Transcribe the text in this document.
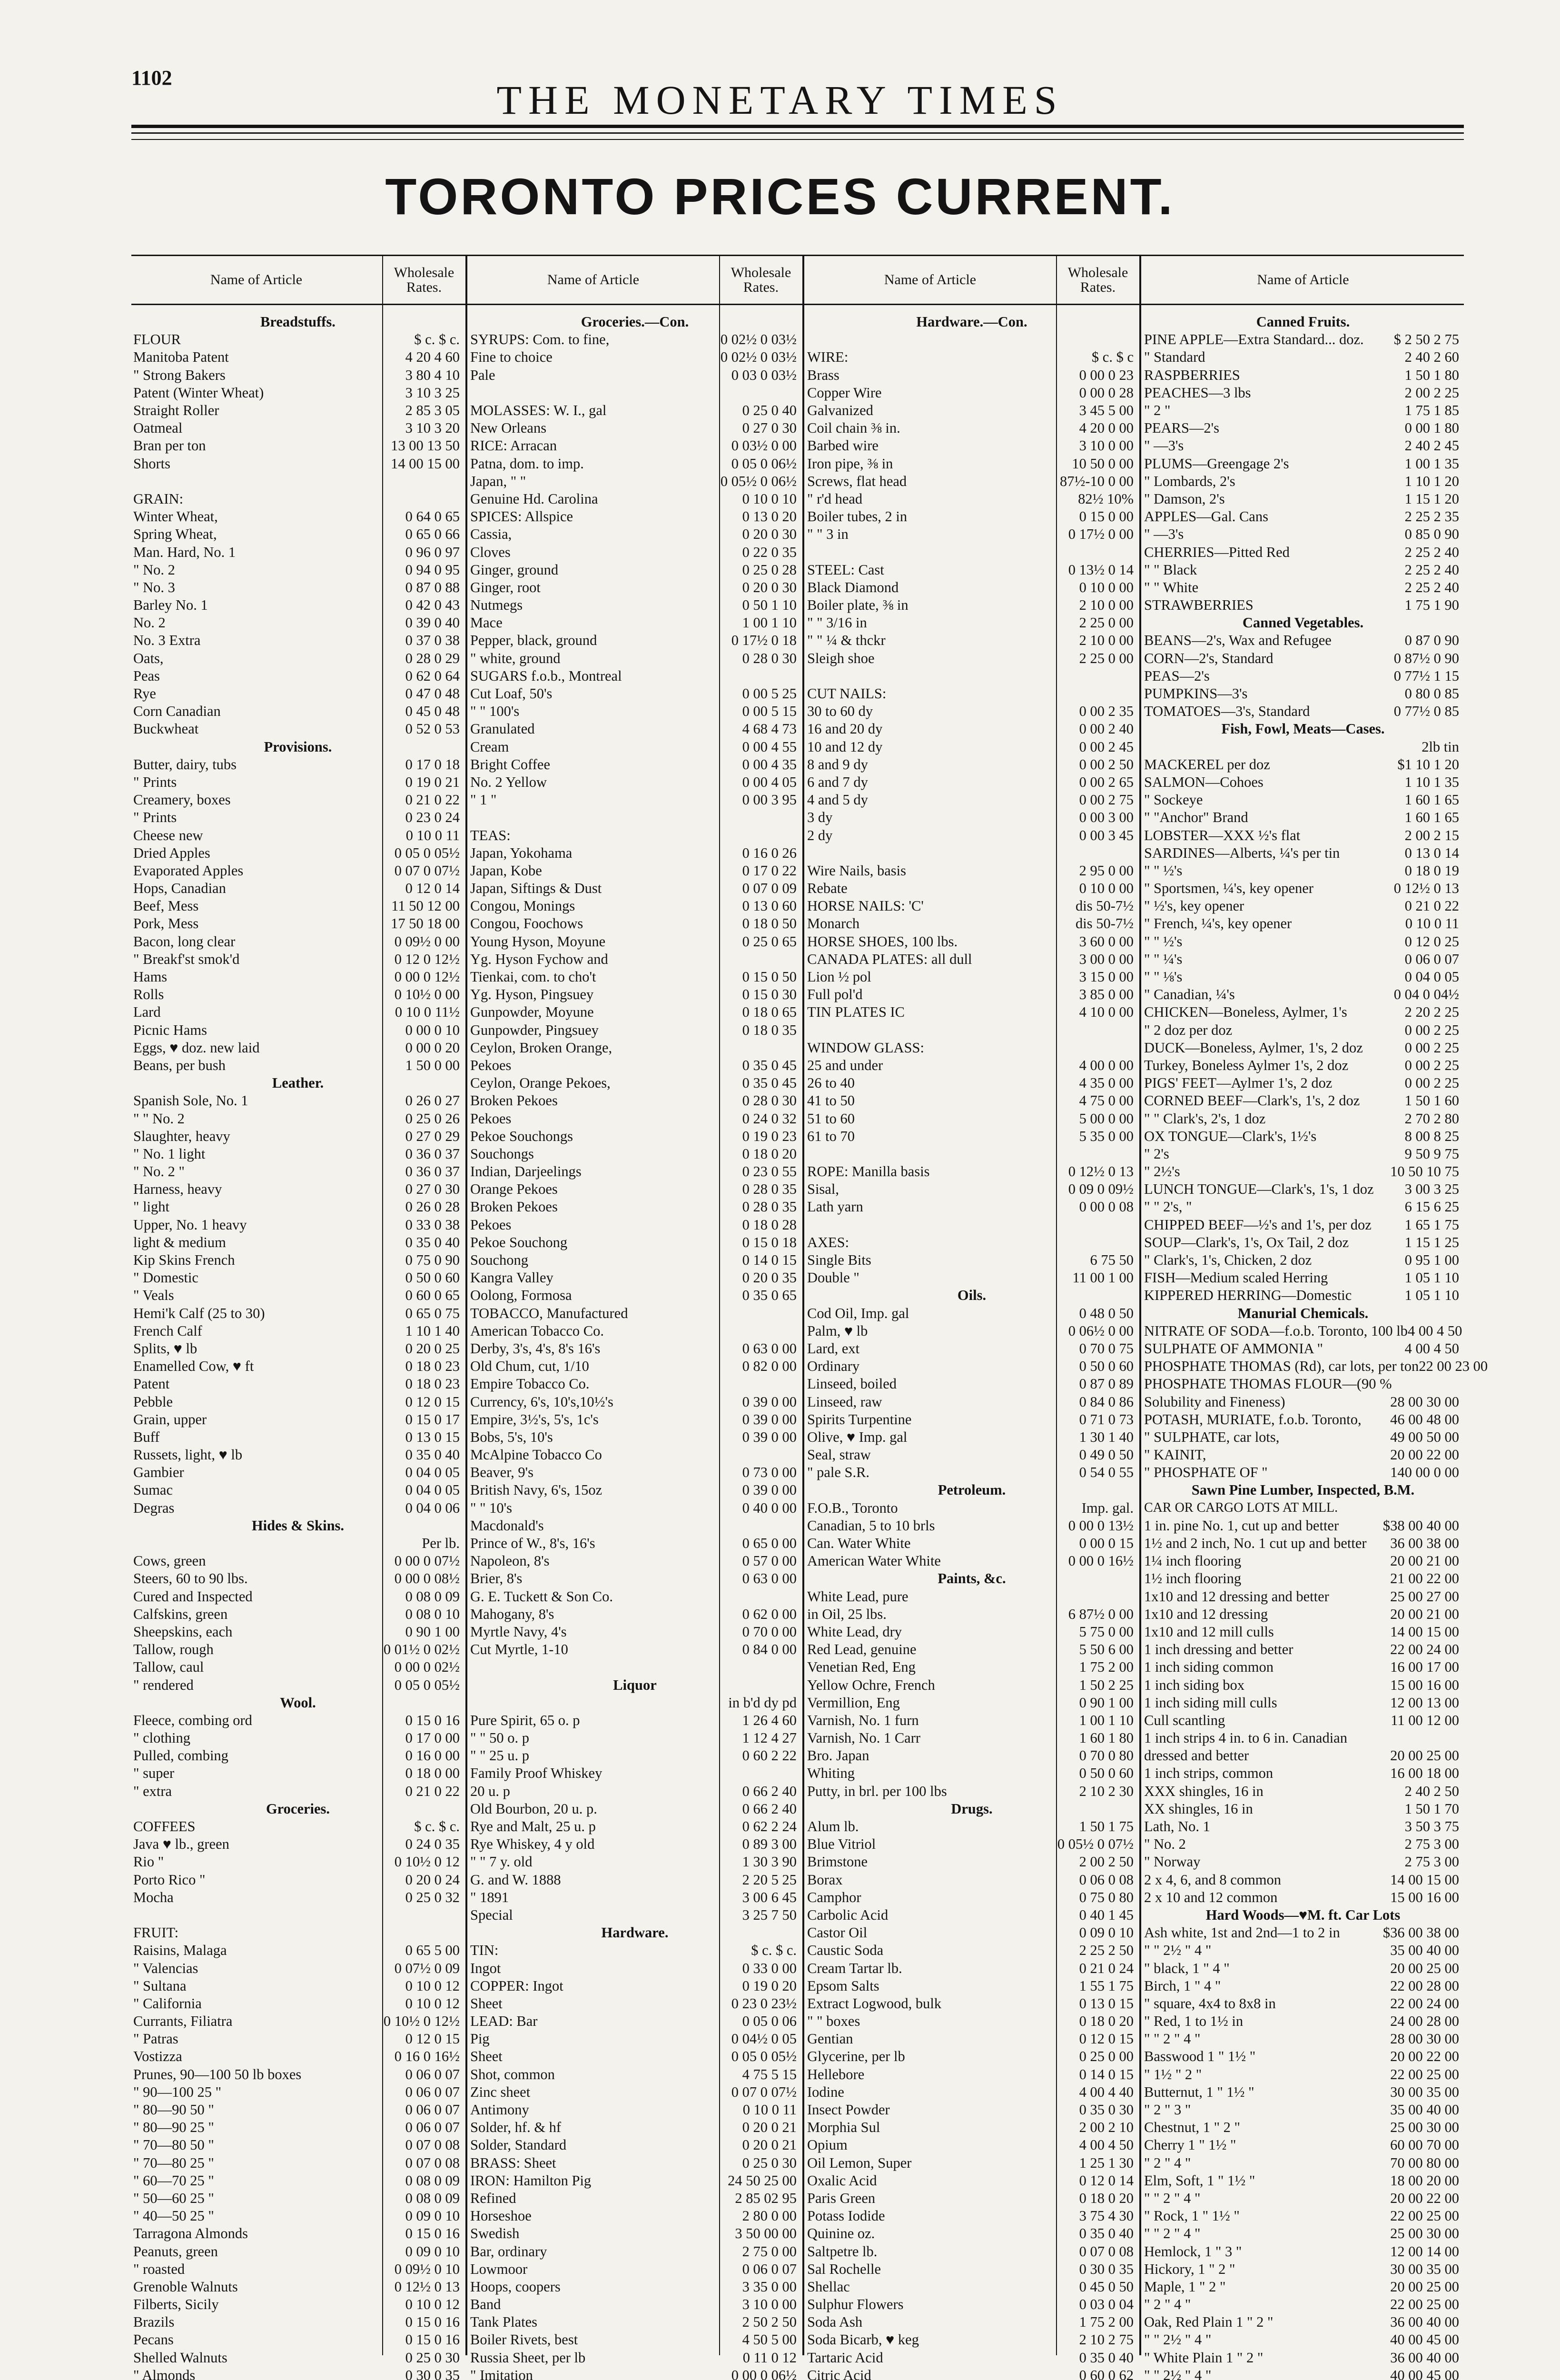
1102	THE MONETARY TIMES
TORONTO PRICES CURRENT.
Name of Article	Wholesale Rates.
Breadstuffs.
FLOUR	$ c. $ c.
Manitoba Patent	4 20 4 60
" Strong Bakers	3 80 4 10
Patent (Winter Wheat)	3 10 3 25
Straight Roller	2 85 3 05
Oatmeal	3 10 3 20
Bran per ton	13 00 13 50
Shorts	14 00 15 00
GRAIN:
Winter Wheat,	0 64 0 65
Spring Wheat,	0 65 0 66
Man. Hard, No. 1	0 96 0 97
" No. 2	0 94 0 95
" No. 3	0 87 0 88
Barley No. 1	0 42 0 43
No. 2	0 39 0 40
No. 3 Extra	0 37 0 38
Oats,	0 28 0 29
Peas	0 62 0 64
Rye	0 47 0 48
Corn Canadian	0 45 0 48
Buckwheat	0 52 0 53
Provisions.
Butter, dairy, tubs	0 17 0 18
" Prints	0 19 0 21
Creamery, boxes	0 21 0 22
" Prints	0 23 0 24
Cheese new	0 10 0 11
Dried Apples	0 05 0 05½
Evaporated Apples	0 07 0 07½
Hops, Canadian	0 12 0 14
Beef, Mess	11 50 12 00
Pork, Mess	17 50 18 00
Bacon, long clear	0 09½ 0 00
" Breakf'st smok'd	0 12 0 12½
Hams	0 00 0 12½
Rolls	0 10½ 0 00
Lard	0 10 0 11½
Picnic Hams	0 00 0 10
Eggs, ♥ doz. new laid	0 00 0 20
Beans, per bush	1 50 0 00
Leather.
Spanish Sole, No. 1	0 26 0 27
" " No. 2	0 25 0 26
Slaughter, heavy	0 27 0 29
" No. 1 light	0 36 0 37
" No. 2 "	0 36 0 37
Harness, heavy	0 27 0 30
" light	0 26 0 28
Upper, No. 1 heavy	0 33 0 38
light & medium	0 35 0 40
Kip Skins French	0 75 0 90
" Domestic	0 50 0 60
" Veals	0 60 0 65
Hemi'k Calf (25 to 30)	0 65 0 75
French Calf	1 10 1 40
Splits, ♥ lb	0 20 0 25
Enamelled Cow, ♥ ft	0 18 0 23
Patent	0 18 0 23
Pebble	0 12 0 15
Grain, upper	0 15 0 17
Buff	0 13 0 15
Russets, light, ♥ lb	0 35 0 40
Gambier	0 04 0 05
Sumac	0 04 0 05
Degras	0 04 0 06
Hides & Skins.
Per lb.
Cows, green	0 00 0 07½
Steers, 60 to 90 lbs.	0 00 0 08½
Cured and Inspected	0 08 0 09
Calfskins, green	0 08 0 10
Sheepskins, each	0 90 1 00
Tallow, rough	0 01½ 0 02½
Tallow, caul	0 00 0 02½
" rendered	0 05 0 05½
Wool.
Fleece, combing ord	0 15 0 16
" clothing	0 17 0 00
Pulled, combing	0 16 0 00
" super	0 18 0 00
" extra	0 21 0 22
Groceries.
COFFEES	$ c. $ c.
Java ♥ lb., green	0 24 0 35
Rio "	0 10½ 0 12
Porto Rico "	0 20 0 24
Mocha	0 25 0 32
FRUIT:
Raisins, Malaga	0 65 5 00
" Valencias	0 07½ 0 09
" Sultana	0 10 0 12
" California	0 10 0 12
Currants, Filiatra	0 10½ 0 12½
" Patras	0 12 0 15
Vostizza	0 16 0 16½
Prunes, 90—100 50 lb boxes	0 06 0 07
" 90—100 25 "	0 06 0 07
" 80—90 50 "	0 06 0 07
" 80—90 25 "	0 06 0 07
" 70—80 50 "	0 07 0 08
" 70—80 25 "	0 07 0 08
" 60—70 25 "	0 08 0 09
" 50—60 25 "	0 08 0 09
" 40—50 25 "	0 09 0 10
Tarragona Almonds	0 15 0 16
Peanuts, green	0 09 0 10
" roasted	0 09½ 0 10
Grenoble Walnuts	0 12½ 0 13
Filberts, Sicily	0 10 0 12
Brazils	0 15 0 16
Pecans	0 15 0 16
Shelled Walnuts	0 25 0 30
" Almonds	0 30 0 35
Name of Article	Wholesale Rates.
Groceries.—Con.
SYRUPS: Com. to fine,	0 02½ 0 03½
Fine to choice	0 02½ 0 03½
Pale	0 03 0 03½
MOLASSES: W. I., gal	0 25 0 40
New Orleans	0 27 0 30
RICE: Arracan	0 03½ 0 00
Patna, dom. to imp.	0 05 0 06½
Japan, " "	0 05½ 0 06½
Genuine Hd. Carolina	0 10 0 10
SPICES: Allspice	0 13 0 20
Cassia,	0 20 0 30
Cloves	0 22 0 35
Ginger, ground	0 25 0 28
Ginger, root	0 20 0 30
Nutmegs	0 50 1 10
Mace	1 00 1 10
Pepper, black, ground	0 17½ 0 18
" white, ground	0 28 0 30
SUGARS f.o.b., Montreal
Cut Loaf, 50's	0 00 5 25
" " 100's	0 00 5 15
Granulated	4 68 4 73
Cream	0 00 4 55
Bright Coffee	0 00 4 35
No. 2 Yellow	0 00 4 05
" 1 "	0 00 3 95
TEAS:
Japan, Yokohama	0 16 0 26
Japan, Kobe	0 17 0 22
Japan, Siftings & Dust	0 07 0 09
Congou, Monings	0 13 0 60
Congou, Foochows	0 18 0 50
Young Hyson, Moyune	0 25 0 65
Yg. Hyson Fychow and
Tienkai, com. to cho't	0 15 0 50
Yg. Hyson, Pingsuey	0 15 0 30
Gunpowder, Moyune	0 18 0 65
Gunpowder, Pingsuey	0 18 0 35
Ceylon, Broken Orange,
Pekoes	0 35 0 45
Ceylon, Orange Pekoes,	0 35 0 45
Broken Pekoes	0 28 0 30
Pekoes	0 24 0 32
Pekoe Souchongs	0 19 0 23
Souchongs	0 18 0 20
Indian, Darjeelings	0 23 0 55
Orange Pekoes	0 28 0 35
Broken Pekoes	0 28 0 35
Pekoes	0 18 0 28
Pekoe Souchong	0 15 0 18
Souchong	0 14 0 15
Kangra Valley	0 20 0 35
Oolong, Formosa	0 35 0 65
TOBACCO, Manufactured
American Tobacco Co.
Derby, 3's, 4's, 8's 16's	0 63 0 00
Old Chum, cut, 1/10	0 82 0 00
Empire Tobacco Co.
Currency, 6's, 10's,10½'s	0 39 0 00
Empire, 3½'s, 5's, 1c's	0 39 0 00
Bobs, 5's, 10's	0 39 0 00
McAlpine Tobacco Co
Beaver, 9's	0 73 0 00
British Navy, 6's, 15oz	0 39 0 00
" " 10's	0 40 0 00
Macdonald's
Prince of W., 8's, 16's	0 65 0 00
Napoleon, 8's	0 57 0 00
Brier, 8's	0 63 0 00
G. E. Tuckett & Son Co.
Mahogany, 8's	0 62 0 00
Myrtle Navy, 4's	0 70 0 00
Cut Myrtle, 1-10	0 84 0 00
Liquor
in b'd dy pd
Pure Spirit, 65 o. p	1 26 4 60
" " 50 o. p	1 12 4 27
" " 25 u. p	0 60 2 22
Family Proof Whiskey
20 u. p	0 66 2 40
Old Bourbon, 20 u. p.	0 66 2 40
Rye and Malt, 25 u. p	0 62 2 24
Rye Whiskey, 4 y old	0 89 3 00
" " 7 y. old	1 30 3 90
G. and W. 1888	2 20 5 25
" 1891	3 00 6 45
Special	3 25 7 50
Hardware.
TIN:	$ c. $ c.
Ingot	0 33 0 00
COPPER: Ingot	0 19 0 20
Sheet	0 23 0 23½
LEAD: Bar	0 05 0 06
Pig	0 04½ 0 05
Sheet	0 05 0 05½
Shot, common	4 75 5 15
Zinc sheet	0 07 0 07½
Antimony	0 10 0 11
Solder, hf. & hf	0 20 0 21
Solder, Standard	0 20 0 21
BRASS: Sheet	0 25 0 30
IRON: Hamilton Pig	24 50 25 00
Refined	2 85 02 95
Horseshoe	2 80 0 00
Swedish	3 50 00 00
Bar, ordinary	2 75 0 00
Lowmoor	0 06 0 07
Hoops, coopers	3 35 0 00
Band	3 10 0 00
Tank Plates	2 50 2 50
Boiler Rivets, best	4 50 5 00
Russia Sheet, per lb	0 11 0 12
" Imitation	0 00 0 06½
Name of Article	Wholesale Rates.
Hardware.—Con.
WIRE:	$ c. $ c
Brass	0 00 0 23
Copper Wire	0 00 0 28
Galvanized	3 45 5 00
Coil chain ⅜ in.	4 20 0 00
Barbed wire	3 10 0 00
Iron pipe, ⅜ in	10 50 0 00
Screws, flat head	87½-10 0 00
" r'd head	82½ 10%
Boiler tubes, 2 in	0 15 0 00
" " 3 in	0 17½ 0 00
STEEL: Cast	0 13½ 0 14
Black Diamond	0 10 0 00
Boiler plate, ⅜ in	2 10 0 00
" " 3/16 in	2 25 0 00
" " ¼ & thckr	2 10 0 00
Sleigh shoe	2 25 0 00
CUT NAILS:
30 to 60 dy	0 00 2 35
16 and 20 dy	0 00 2 40
10 and 12 dy	0 00 2 45
8 and 9 dy	0 00 2 50
6 and 7 dy	0 00 2 65
4 and 5 dy	0 00 2 75
3 dy	0 00 3 00
2 dy	0 00 3 45
Wire Nails, basis	2 95 0 00
Rebate	0 10 0 00
HORSE NAILS: 'C'	dis 50-7½
Monarch	dis 50-7½
HORSE SHOES, 100 lbs.	3 60 0 00
CANADA PLATES: all dull	3 00 0 00
Lion ½ pol	3 15 0 00
Full pol'd	3 85 0 00
TIN PLATES IC	4 10 0 00
WINDOW GLASS:
25 and under	4 00 0 00
26 to 40	4 35 0 00
41 to 50	4 75 0 00
51 to 60	5 00 0 00
61 to 70	5 35 0 00
ROPE: Manilla basis	0 12½ 0 13
Sisal,	0 09 0 09½
Lath yarn	0 00 0 08
AXES:
Single Bits	6 75 50
Double "	11 00 1 00
Oils.
Cod Oil, Imp. gal	0 48 0 50
Palm, ♥ lb	0 06½ 0 00
Lard, ext	0 70 0 75
Ordinary	0 50 0 60
Linseed, boiled	0 87 0 89
Linseed, raw	0 84 0 86
Spirits Turpentine	0 71 0 73
Olive, ♥ Imp. gal	1 30 1 40
Seal, straw	0 49 0 50
" pale S.R.	0 54 0 55
Petroleum.
F.O.B., Toronto	Imp. gal.
Canadian, 5 to 10 brls	0 00 0 13½
Can. Water White	0 00 0 15
American Water White	0 00 0 16½
Paints, &c.
White Lead, pure
in Oil, 25 lbs.	6 87½ 0 00
White Lead, dry	5 75 0 00
Red Lead, genuine	5 50 6 00
Venetian Red, Eng	1 75 2 00
Yellow Ochre, French	1 50 2 25
Vermillion, Eng	0 90 1 00
Varnish, No. 1 furn	1 00 1 10
Varnish, No. 1 Carr	1 60 1 80
Bro. Japan	0 70 0 80
Whiting	0 50 0 60
Putty, in brl. per 100 lbs	2 10 2 30
Drugs.
Alum lb.	1 50 1 75
Blue Vitriol	0 05½ 0 07½
Brimstone	2 00 2 50
Borax	0 06 0 08
Camphor	0 75 0 80
Carbolic Acid	0 40 1 45
Castor Oil	0 09 0 10
Caustic Soda	2 25 2 50
Cream Tartar lb.	0 21 0 24
Epsom Salts	1 55 1 75
Extract Logwood, bulk	0 13 0 15
" " boxes	0 18 0 20
Gentian	0 12 0 15
Glycerine, per lb	0 25 0 00
Hellebore	0 14 0 15
Iodine	4 00 4 40
Insect Powder	0 35 0 30
Morphia Sul	2 00 2 10
Opium	4 00 4 50
Oil Lemon, Super	1 25 1 30
Oxalic Acid	0 12 0 14
Paris Green	0 18 0 20
Potass Iodide	3 75 4 30
Quinine oz.	0 35 0 40
Saltpetre lb.	0 07 0 08
Sal Rochelle	0 30 0 35
Shellac	0 45 0 50
Sulphur Flowers	0 03 0 04
Soda Ash	1 75 2 00
Soda Bicarb, ♥ keg	2 10 2 75
Tartaric Acid	0 35 0 40
Citric Acid	0 60 0 62
Name of Article
Canned Fruits.
PINE APPLE—Extra Standard... doz.	$ 2 50 2 75
" Standard	2 40 2 60
RASPBERRIES	1 50 1 80
PEACHES—3 lbs	2 00 2 25
" 2 "	1 75 1 85
PEARS—2's	0 00 1 80
" —3's	2 40 2 45
PLUMS—Greengage 2's	1 00 1 35
" Lombards, 2's	1 10 1 20
" Damson, 2's	1 15 1 20
APPLES—Gal. Cans	2 25 2 35
" —3's	0 85 0 90
CHERRIES—Pitted Red	2 25 2 40
" " Black	2 25 2 40
" " White	2 25 2 40
STRAWBERRIES	1 75 1 90
Canned Vegetables.
BEANS—2's, Wax and Refugee	0 87 0 90
CORN—2's, Standard	0 87½ 0 90
PEAS—2's	0 77½ 1 15
PUMPKINS—3's	0 80 0 85
TOMATOES—3's, Standard	0 77½ 0 85
Fish, Fowl, Meats—Cases.
2lb tin
MACKEREL per doz	$1 10 1 20
SALMON—Cohoes	1 10 1 35
" Sockeye	1 60 1 65
" "Anchor" Brand	1 60 1 65
LOBSTER—XXX ½'s flat	2 00 2 15
SARDINES—Alberts, ¼'s per tin	0 13 0 14
" " ½'s	0 18 0 19
" Sportsmen, ¼'s, key opener	0 12½ 0 13
" ½'s, key opener	0 21 0 22
" French, ¼'s, key opener	0 10 0 11
" " ½'s	0 12 0 25
" " ¼'s	0 06 0 07
" " ⅛'s	0 04 0 05
" Canadian, ¼'s	0 04 0 04½
CHICKEN—Boneless, Aylmer, 1's	2 20 2 25
" 2 doz per doz	0 00 2 25
DUCK—Boneless, Aylmer, 1's, 2 doz	0 00 2 25
Turkey, Boneless Aylmer 1's, 2 doz	0 00 2 25
PIGS' FEET—Aylmer 1's, 2 doz	0 00 2 25
CORNED BEEF—Clark's, 1's, 2 doz	1 50 1 60
" " Clark's, 2's, 1 doz	2 70 2 80
OX TONGUE—Clark's, 1½'s	8 00 8 25
" 2's	9 50 9 75
" 2½'s	10 50 10 75
LUNCH TONGUE—Clark's, 1's, 1 doz	3 00 3 25
" " 2's, "	6 15 6 25
CHIPPED BEEF—½'s and 1's, per doz	1 65 1 75
SOUP—Clark's, 1's, Ox Tail, 2 doz	1 15 1 25
" Clark's, 1's, Chicken, 2 doz	0 95 1 00
FISH—Medium scaled Herring	1 05 1 10
KIPPERED HERRING—Domestic	1 05 1 10
Manurial Chemicals.
NITRATE OF SODA—f.o.b. Toronto, 100 lb 4 00 4 50
SULPHATE OF AMMONIA "	4 00 4 50
PHOSPHATE THOMAS (Rd), car lots, per ton 22 00 23 00
PHOSPHATE THOMAS FLOUR—(90 %
Solubility and Fineness)	28 00 30 00
POTASH, MURIATE, f.o.b. Toronto,	46 00 48 00
" SULPHATE, car lots,	49 00 50 00
" KAINIT,	20 00 22 00
" PHOSPHATE OF "	140 00 0 00
Sawn Pine Lumber, Inspected, B.M.
CAR OR CARGO LOTS AT MILL.
1 in. pine No. 1, cut up and better	$38 00 40 00
1½ and 2 inch, No. 1 cut up and better	36 00 38 00
1¼ inch flooring	20 00 21 00
1½ inch flooring	21 00 22 00
1x10 and 12 dressing and better	25 00 27 00
1x10 and 12 dressing	20 00 21 00
1x10 and 12 mill culls	14 00 15 00
1 inch dressing and better	22 00 24 00
1 inch siding common	16 00 17 00
1 inch siding box	15 00 16 00
1 inch siding mill culls	12 00 13 00
Cull scantling	11 00 12 00
1 inch strips 4 in. to 6 in. Canadian
dressed and better	20 00 25 00
1 inch strips, common	16 00 18 00
XXX shingles, 16 in	2 40 2 50
XX shingles, 16 in	1 50 1 70
Lath, No. 1	3 50 3 75
" No. 2	2 75 3 00
" Norway	2 75 3 00
2 x 4, 6, and 8 common	14 00 15 00
2 x 10 and 12 common	15 00 16 00
Hard Woods—♥M. ft. Car Lots
Ash white, 1st and 2nd—1 to 2 in	$36 00 38 00
" " 2½ " 4 "	35 00 40 00
" black, 1 " 4 "	20 00 25 00
Birch, 1 " 4 "	22 00 28 00
" square, 4x4 to 8x8 in	22 00 24 00
" Red, 1 to 1½ in	24 00 28 00
" " 2 " 4 "	28 00 30 00
Basswood 1 " 1½ "	20 00 22 00
" 1½ " 2 "	22 00 25 00
Butternut, 1 " 1½ "	30 00 35 00
" 2 " 3 "	35 00 40 00
Chestnut, 1 " 2 "	25 00 30 00
Cherry 1 " 1½ "	60 00 70 00
" 2 " 4 "	70 00 80 00
Elm, Soft, 1 " 1½ "	18 00 20 00
" " 2 " 4 "	20 00 22 00
" Rock, 1 " 1½ "	22 00 25 00
" " 2 " 4 "	25 00 30 00
Hemlock, 1 " 3 "	12 00 14 00
Hickory, 1 " 2 "	30 00 35 00
Maple, 1 " 2 "	20 00 25 00
" 2 " 4 "	22 00 25 00
Oak, Red Plain 1 " 2 "	36 00 40 00
" " 2½ " 4 "	40 00 45 00
" White Plain 1 " 2 "	36 00 40 00
" " 2½ " 4 "	40 00 45 00
